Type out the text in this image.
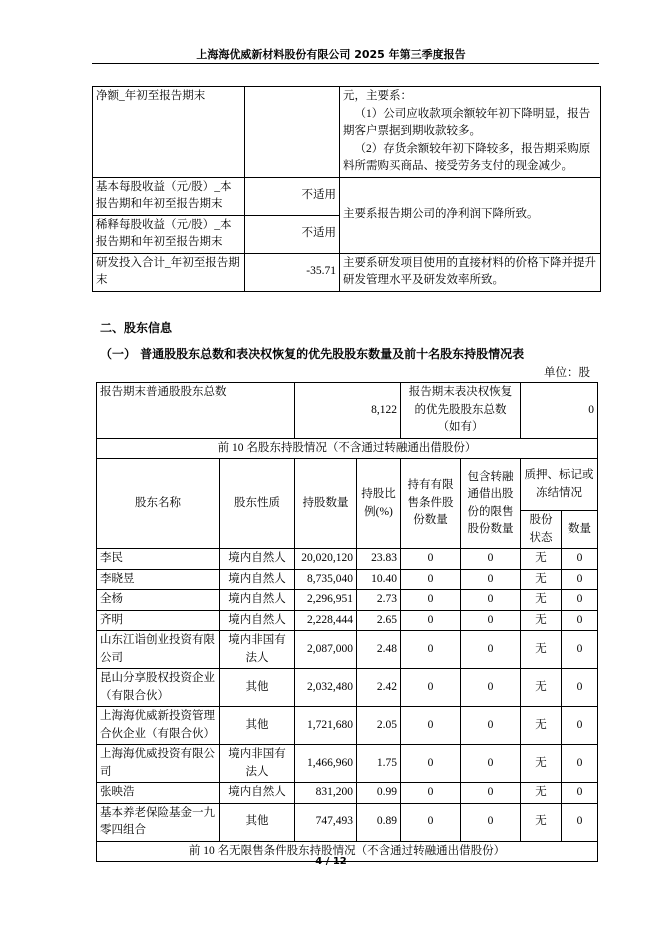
上海海优威新材料股份有限公司 2025 年第三季度报告
净额_年初至报告期末		元，主要系：
（1）公司应收款项余额较年初下降明显，报告期客户票据到期收款较多。
（2）存货余额较年初下降较多，报告期采购原料所需购买商品、接受劳务支付的现金减少。

基本每股收益（元/股）_本报告期和年初至报告期末	不适用	主要系报告期公司的净利润下降所致。
稀释每股收益（元/股）_本报告期和年初至报告期末	不适用	
研发投入合计_年初至报告期末	-35.71	主要系研发项目使用的直接材料的价格下降并提升研发管理水平及研发效率所致。
二、股东信息
（一） 普通股股东总数和表决权恢复的优先股股东数量及前十名股东持股情况表
单位：股
报告期末普通股股东总数		8,122		报告期末表决权恢复的优先股股东总数（如有）		0	
前 10 名股东持股情况（不含通过转融通出借股份）							
股东名称	股东性质	持股数量	持股比例(%)	持有有限售条件股份数量	包含转融通借出股份的限售股份数量	质押、标记或冻结情况	
						股份状态	数量
李民	境内自然人	20,020,120	23.83	0	0	无	0
李晓昱	境内自然人	8,735,040	10.40	0	0	无	0
全杨	境内自然人	2,296,951	2.73	0	0	无	0
齐明	境内自然人	2,228,444	2.65	0	0	无	0
山东江诣创业投资有限公司	境内非国有法人	2,087,000	2.48	0	0	无	0
昆山分享股权投资企业（有限合伙）	其他	2,032,480	2.42	0	0	无	0
上海海优威新投资管理合伙企业（有限合伙）	其他	1,721,680	2.05	0	0	无	0
上海海优威投资有限公司	境内非国有法人	1,466,960	1.75	0	0	无	0
张映浩	境内自然人	831,200	0.99	0	0	无	0
基本养老保险基金一九零四组合	其他	747,493	0.89	0	0	无	0
前 10 名无限售条件股东持股情况（不含通过转融通出借股份）							
4 / 12
